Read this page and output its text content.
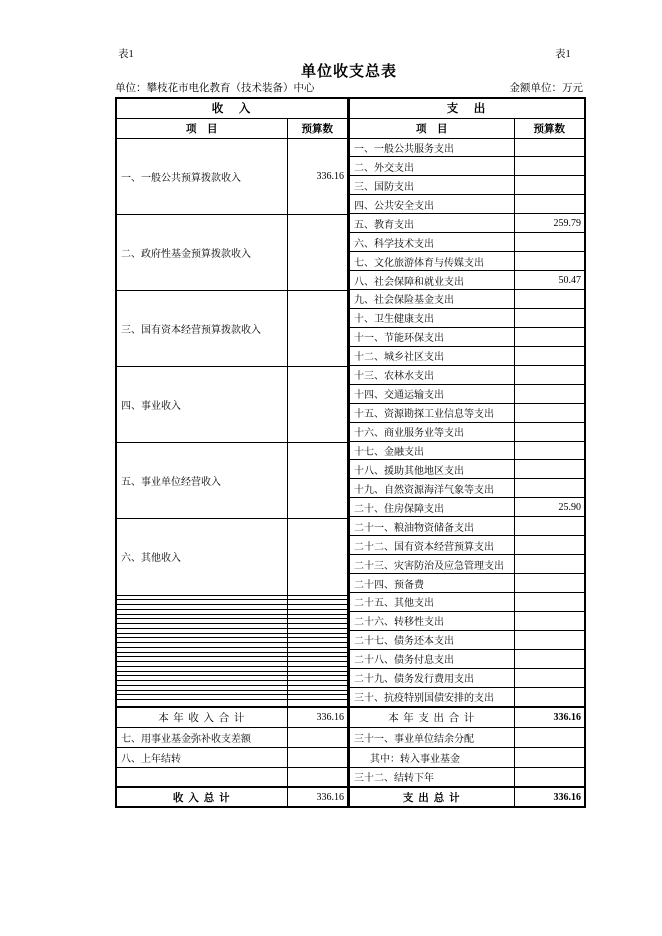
表1	表1
单位收支总表
单位：攀枝花市电化教育（技术装备）中心	金额单位：万元
收　入	
项　目	预算数
一、一般公共预算拨款收入	336.16
二、政府性基金预算拨款收入	
三、国有资本经营预算拨款收入	
四、事业收入	
五、事业单位经营收入	
六、其他收入	

本 年 收 入 合 计	336.16
七、用事业基金弥补收支差额	
八、上年结转	

收 入 总 计	336.16
支　出	
项　目	预算数
一、一般公共服务支出	
二、外交支出	
三、国防支出	
四、公共安全支出	
五、教育支出	259.79
六、科学技术支出	
七、文化旅游体育与传媒支出	
八、社会保障和就业支出	50.47
九、社会保险基金支出	
十、卫生健康支出	
十一、节能环保支出	
十二、城乡社区支出	
十三、农林水支出	
十四、交通运输支出	
十五、资源勘探工业信息等支出	
十六、商业服务业等支出	
十七、金融支出	
十八、援助其他地区支出	
十九、自然资源海洋气象等支出	
二十、住房保障支出	25.90
二十一、粮油物资储备支出	
二十二、国有资本经营预算支出	
二十三、灾害防治及应急管理支出	
二十四、预备费	
二十五、其他支出	
二十六、转移性支出	
二十七、债务还本支出	
二十八、债务付息支出	
二十九、债务发行费用支出	
三十、抗疫特别国债安排的支出	
本 年 支 出 合 计	336.16
三十一、事业单位结余分配	
其中：转入事业基金	
三十二、结转下年	
支 出 总 计	336.16
